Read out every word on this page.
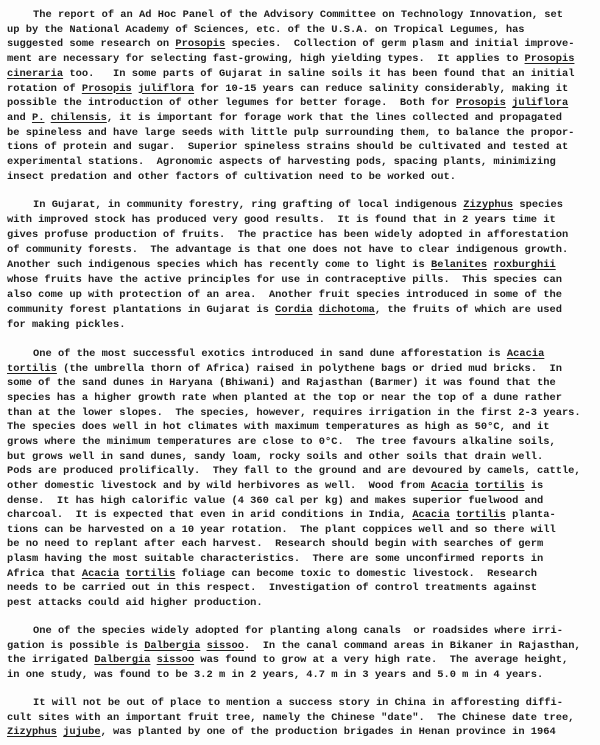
The report of an Ad Hoc Panel of the Advisory Committee on Technology Innovation, set
up by the National Academy of Sciences, etc. of the U.S.A. on Tropical Legumes, has
suggested some research on Prosopis species.  Collection of germ plasm and initial improve-
ment are necessary for selecting fast-growing, high yielding types.  It applies to Prosopis
cineraria too.   In some parts of Gujarat in saline soils it has been found that an initial
rotation of Prosopis juliflora for 10-15 years can reduce salinity considerably, making it
possible the introduction of other legumes for better forage.  Both for Prosopis juliflora
and P. chilensis, it is important for forage work that the lines collected and propagated
be spineless and have large seeds with little pulp surrounding them, to balance the propor-
tions of protein and sugar.  Superior spineless strains should be cultivated and tested at
experimental stations.  Agronomic aspects of harvesting pods, spacing plants, minimizing
insect predation and other factors of cultivation need to be worked out.
In Gujarat, in community forestry, ring grafting of local indigenous Zizyphus species
with improved stock has produced very good results.  It is found that in 2 years time it
gives profuse production of fruits.  The practice has been widely adopted in afforestation
of community forests.  The advantage is that one does not have to clear indigenous growth.
Another such indigenous species which has recently come to light is Belanites roxburghii
whose fruits have the active principles for use in contraceptive pills.  This species can
also come up with protection of an area.  Another fruit species introduced in some of the
community forest plantations in Gujarat is Cordia dichotoma, the fruits of which are used
for making pickles.
One of the most successful exotics introduced in sand dune afforestation is Acacia
tortilis (the umbrella thorn of Africa) raised in polythene bags or dried mud bricks.  In
some of the sand dunes in Haryana (Bhiwani) and Rajasthan (Barmer) it was found that the
species has a higher growth rate when planted at the top or near the top of a dune rather
than at the lower slopes.  The species, however, requires irrigation in the first 2-3 years.
The species does well in hot climates with maximum temperatures as high as 50°C, and it
grows where the minimum temperatures are close to 0°C.  The tree favours alkaline soils,
but grows well in sand dunes, sandy loam, rocky soils and other soils that drain well.
Pods are produced prolifically.  They fall to the ground and are devoured by camels, cattle,
other domestic livestock and by wild herbivores as well.  Wood from Acacia tortilis is
dense.  It has high calorific value (4 360 cal per kg) and makes superior fuelwood and
charcoal.  It is expected that even in arid conditions in India, Acacia tortilis planta-
tions can be harvested on a 10 year rotation.  The plant coppices well and so there will
be no need to replant after each harvest.  Research should begin with searches of germ
plasm having the most suitable characteristics.  There are some unconfirmed reports in
Africa that Acacia tortilis foliage can become toxic to domestic livestock.  Research
needs to be carried out in this respect.  Investigation of control treatments against
pest attacks could aid higher production.
One of the species widely adopted for planting along canals  or roadsides where irri-
gation is possible is Dalbergia sissoo.  In the canal command areas in Bikaner in Rajasthan,
the irrigated Dalbergia sissoo was found to grow at a very high rate.  The average height,
in one study, was found to be 3.2 m in 2 years, 4.7 m in 3 years and 5.0 m in 4 years.
It will not be out of place to mention a success story in China in afforesting diffi-
cult sites with an important fruit tree, namely the Chinese "date".  The Chinese date tree,
Zizyphus jujube, was planted by one of the production brigades in Henan province in 1964
